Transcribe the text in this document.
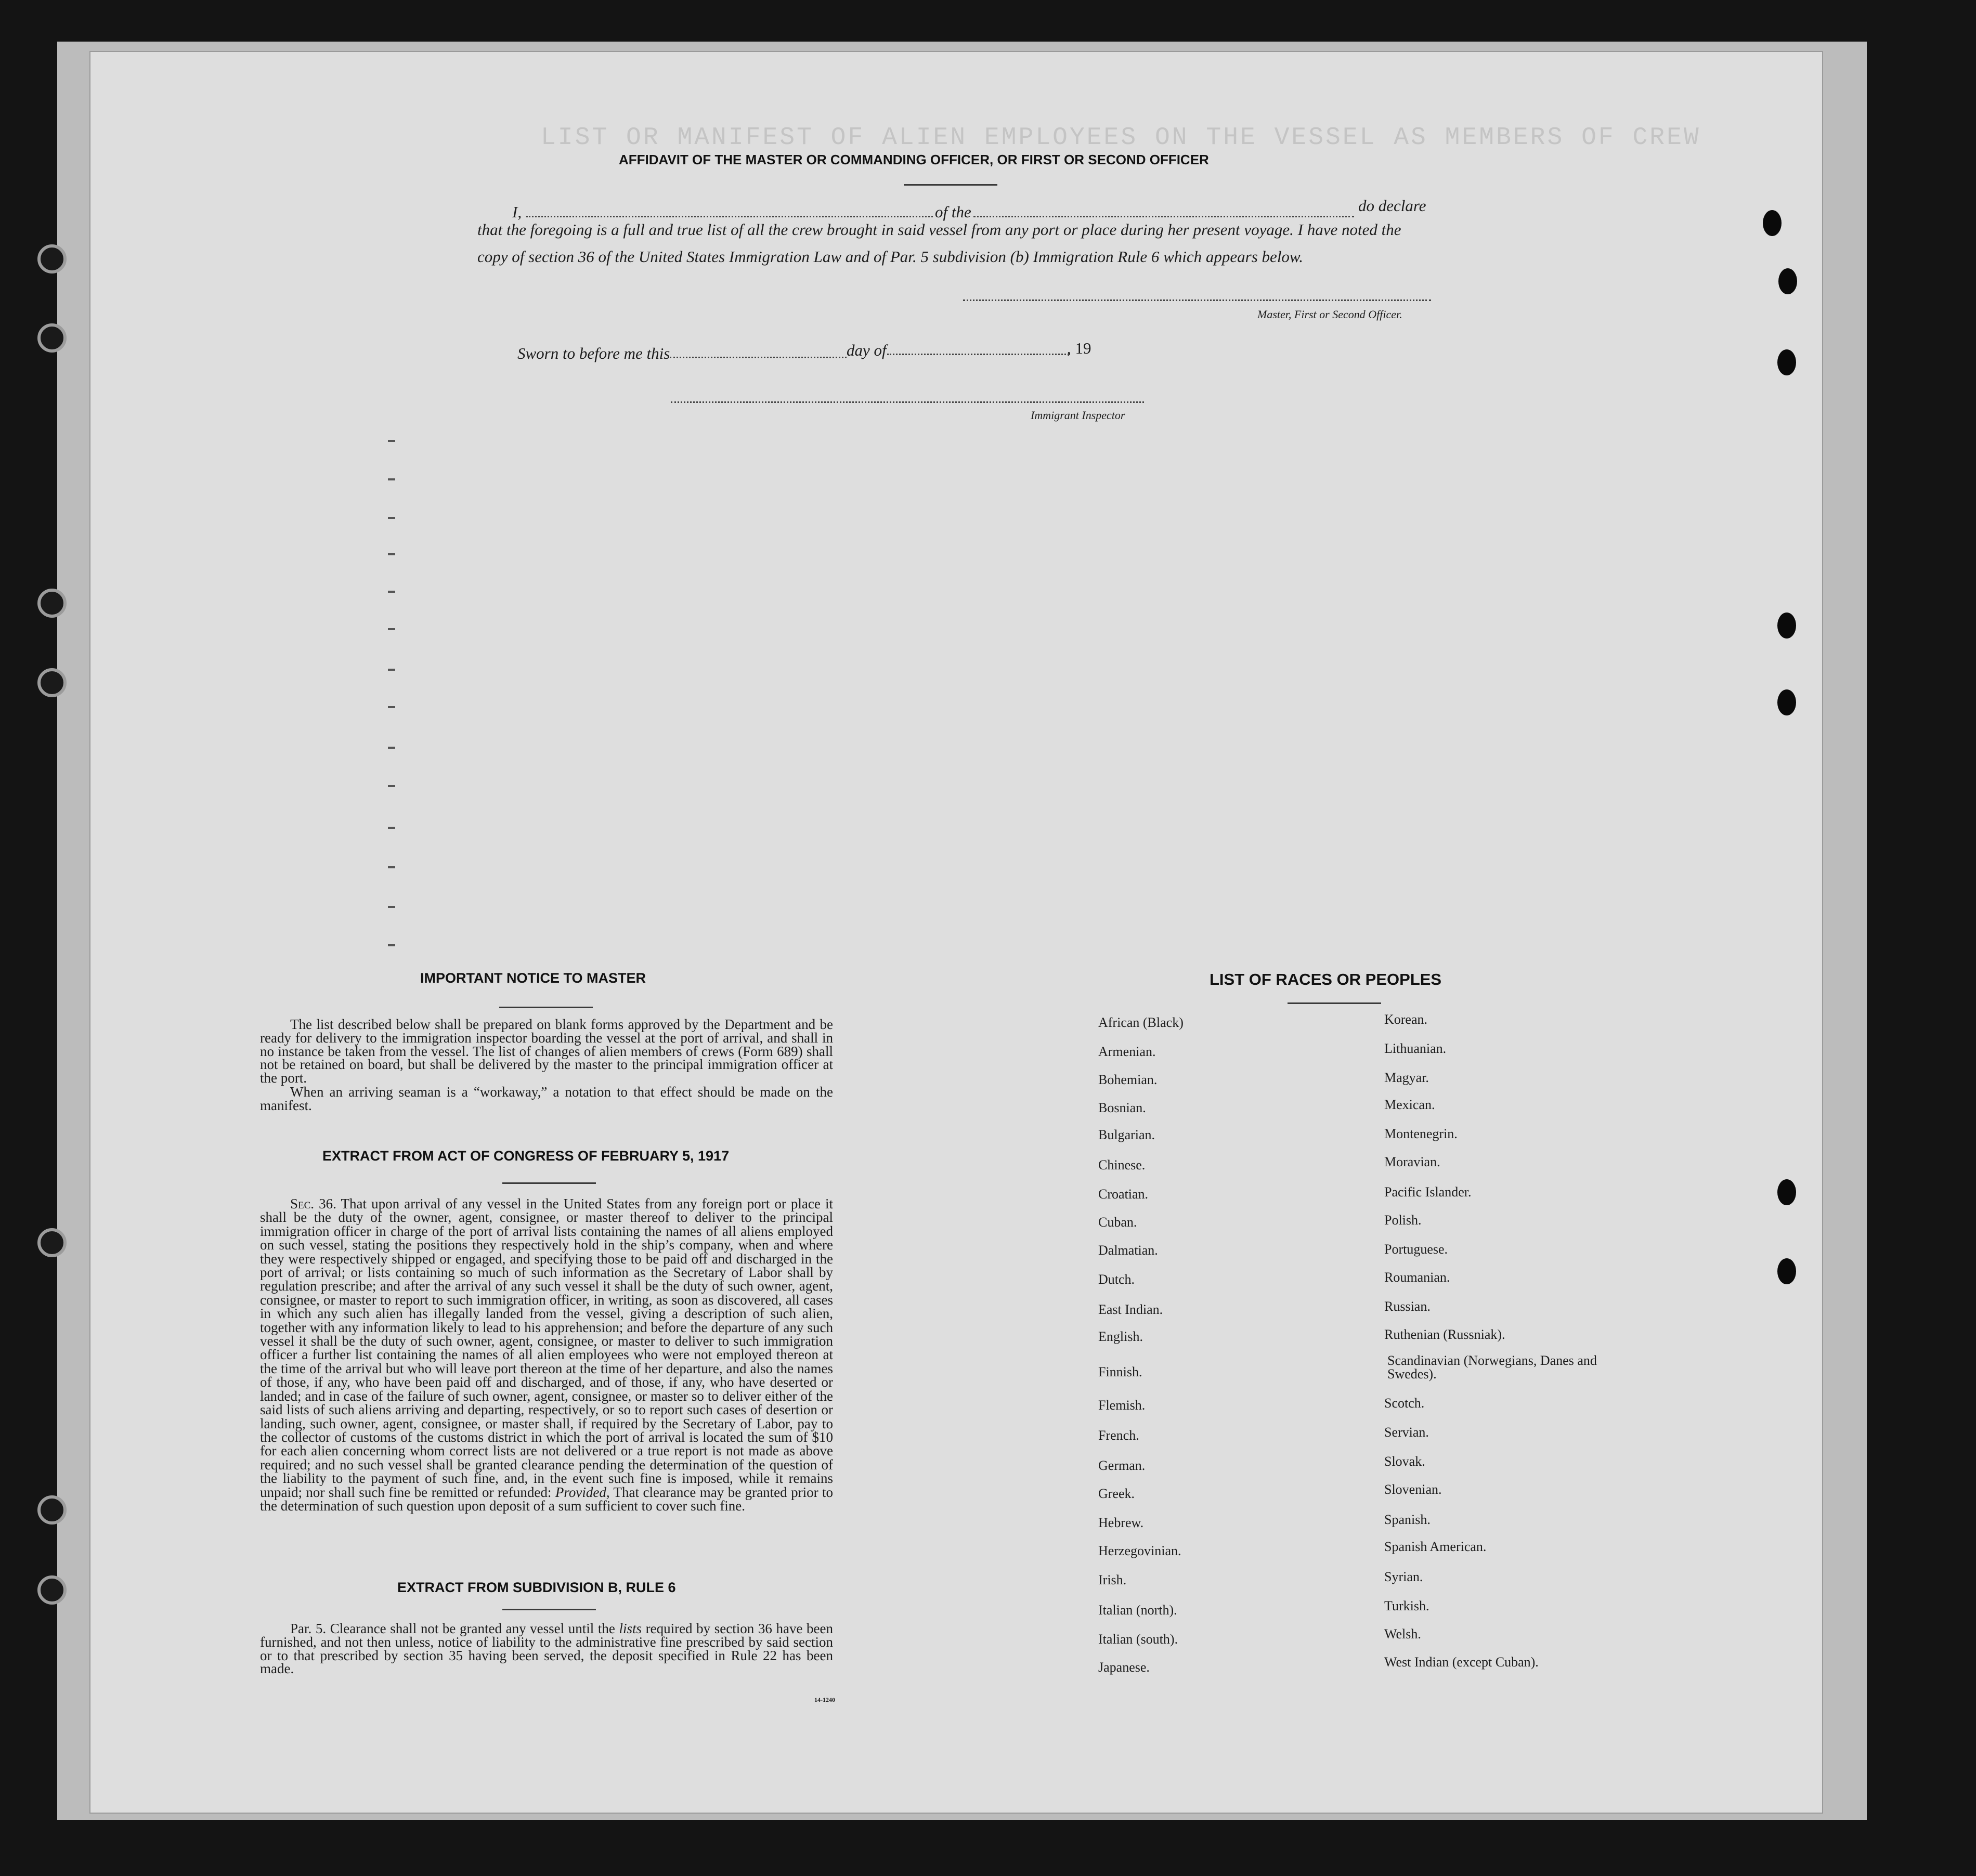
LIST OR MANIFEST OF ALIEN EMPLOYEES ON THE VESSEL AS MEMBERS OF CREW
AFFIDAVIT OF THE MASTER OR COMMANDING OFFICER, OR FIRST OR SECOND OFFICER
I,	of the	do declare
that the foregoing is a full and true list of all the crew brought in said vessel from any port or place during her present voyage. I have noted the
copy of section 36 of the United States Immigration Law and of Par. 5 subdivision (b) Immigration Rule 6 which appears below.
Master, First or Second Officer.
Sworn to before me this	day of	, 19
Immigrant Inspector
IMPORTANT NOTICE TO MASTER
The list described below shall be prepared on blank forms approved by the Department and be ready for delivery to the immigration inspector boarding the vessel at the port of arrival, and shall in no instance be taken from the vessel. The list of changes of alien members of crews (Form 689) shall not be retained on board, but shall be delivered by the master to the principal immigration officer at the port.
When an arriving seaman is a “workaway,” a notation to that effect should be made on the manifest.
EXTRACT FROM ACT OF CONGRESS OF FEBRUARY 5, 1917
Sec. 36. That upon arrival of any vessel in the United States from any foreign port or place it shall be the duty of the owner, agent, consignee, or master thereof to deliver to the principal immigration officer in charge of the port of arrival lists containing the names of all aliens employed on such vessel, stating the positions they respectively hold in the ship’s company, when and where they were respectively shipped or engaged, and specifying those to be paid off and discharged in the port of arrival; or lists containing so much of such information as the Secretary of Labor shall by regulation prescribe; and after the arrival of any such vessel it shall be the duty of such owner, agent, consignee, or master to report to such immigration officer, in writing, as soon as discovered, all cases in which any such alien has illegally landed from the vessel, giving a description of such alien, together with any information likely to lead to his apprehension; and before the departure of any such vessel it shall be the duty of such owner, agent, consignee, or master to deliver to such immigration officer a further list containing the names of all alien employees who were not employed thereon at the time of the arrival but who will leave port thereon at the time of her departure, and also the names of those, if any, who have been paid off and discharged, and of those, if any, who have deserted or landed; and in case of the failure of such owner, agent, consignee, or master so to deliver either of the said lists of such aliens arriving and departing, respectively, or so to report such cases of desertion or landing, such owner, agent, consignee, or master shall, if required by the Secretary of Labor, pay to the collector of customs of the customs district in which the port of arrival is located the sum of $10 for each alien concerning whom correct lists are not delivered or a true report is not made as above required; and no such vessel shall be granted clearance pending the determination of the question of the liability to the payment of such fine, and, in the event such fine is imposed, while it remains unpaid; nor shall such fine be remitted or refunded: Provided, That clearance may be granted prior to the determination of such question upon deposit of a sum sufficient to cover such fine.
EXTRACT FROM SUBDIVISION B, RULE 6
Par. 5. Clearance shall not be granted any vessel until the lists required by section 36 have been furnished, and not then unless, notice of liability to the administrative fine prescribed by said section or to that prescribed by section 35 having been served, the deposit specified in Rule 22 has been made.
14-1240
LIST OF RACES OR PEOPLES
African (Black)
Armenian.
Bohemian.
Bosnian.
Bulgarian.
Chinese.
Croatian.
Cuban.
Dalmatian.
Dutch.
East Indian.
English.
Finnish.
Flemish.
French.
German.
Greek.
Hebrew.
Herzegovinian.
Irish.
Italian (north).
Italian (south).
Japanese.
Korean.
Lithuanian.
Magyar.
Mexican.
Montenegrin.
Moravian.
Pacific Islander.
Polish.
Portuguese.
Roumanian.
Russian.
Ruthenian (Russniak).
Scandinavian (Norwegians, Danes and Swedes).
Scotch.
Servian.
Slovak.
Slovenian.
Spanish.
Spanish American.
Syrian.
Turkish.
Welsh.
West Indian (except Cuban).
